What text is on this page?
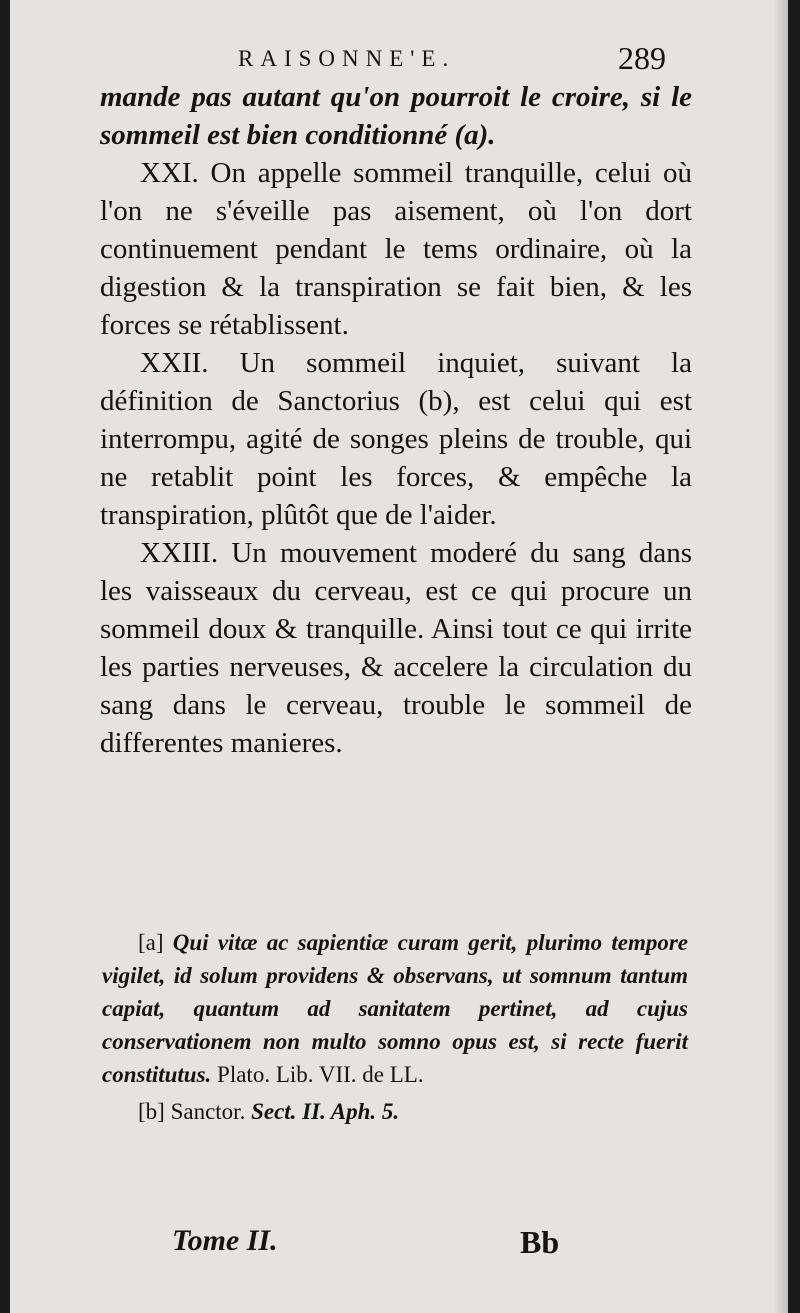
RAISONNE'E.	289

mande pas autant qu'on pourroit le croire, si le sommeil est bien conditionné (a).

XXI. On appelle sommeil tranquille, celui où l'on ne s'éveille pas aisement, où l'on dort continuement pendant le tems ordinaire, où la digestion & la transpiration se fait bien, & les forces se rétablissent.

XXII. Un sommeil inquiet, suivant la définition de Sanctorius (b), est celui qui est interrompu, agité de songes pleins de trouble, qui ne retablit point les forces, & empêche la transpiration, plûtôt que de l'aider.

XXIII. Un mouvement moderé du sang dans les vaisseaux du cerveau, est ce qui procure un sommeil doux & tranquille. Ainsi tout ce qui irrite les parties nerveuses, & accelere la circulation du sang dans le cerveau, trouble le sommeil de differentes manieres.

[a] Qui vitæ ac sapientiæ curam gerit, plurimo tempore vigilet, id solum providens & observans, ut somnum tantum capiat, quantum ad sanitatem pertinet, ad cujus conservationem non multo somno opus est, si recte fuerit constitutus. Plato. Lib. VII. de LL.

[b] Sanctor. Sect. II. Aph. 5.

Tome II.	Bb
